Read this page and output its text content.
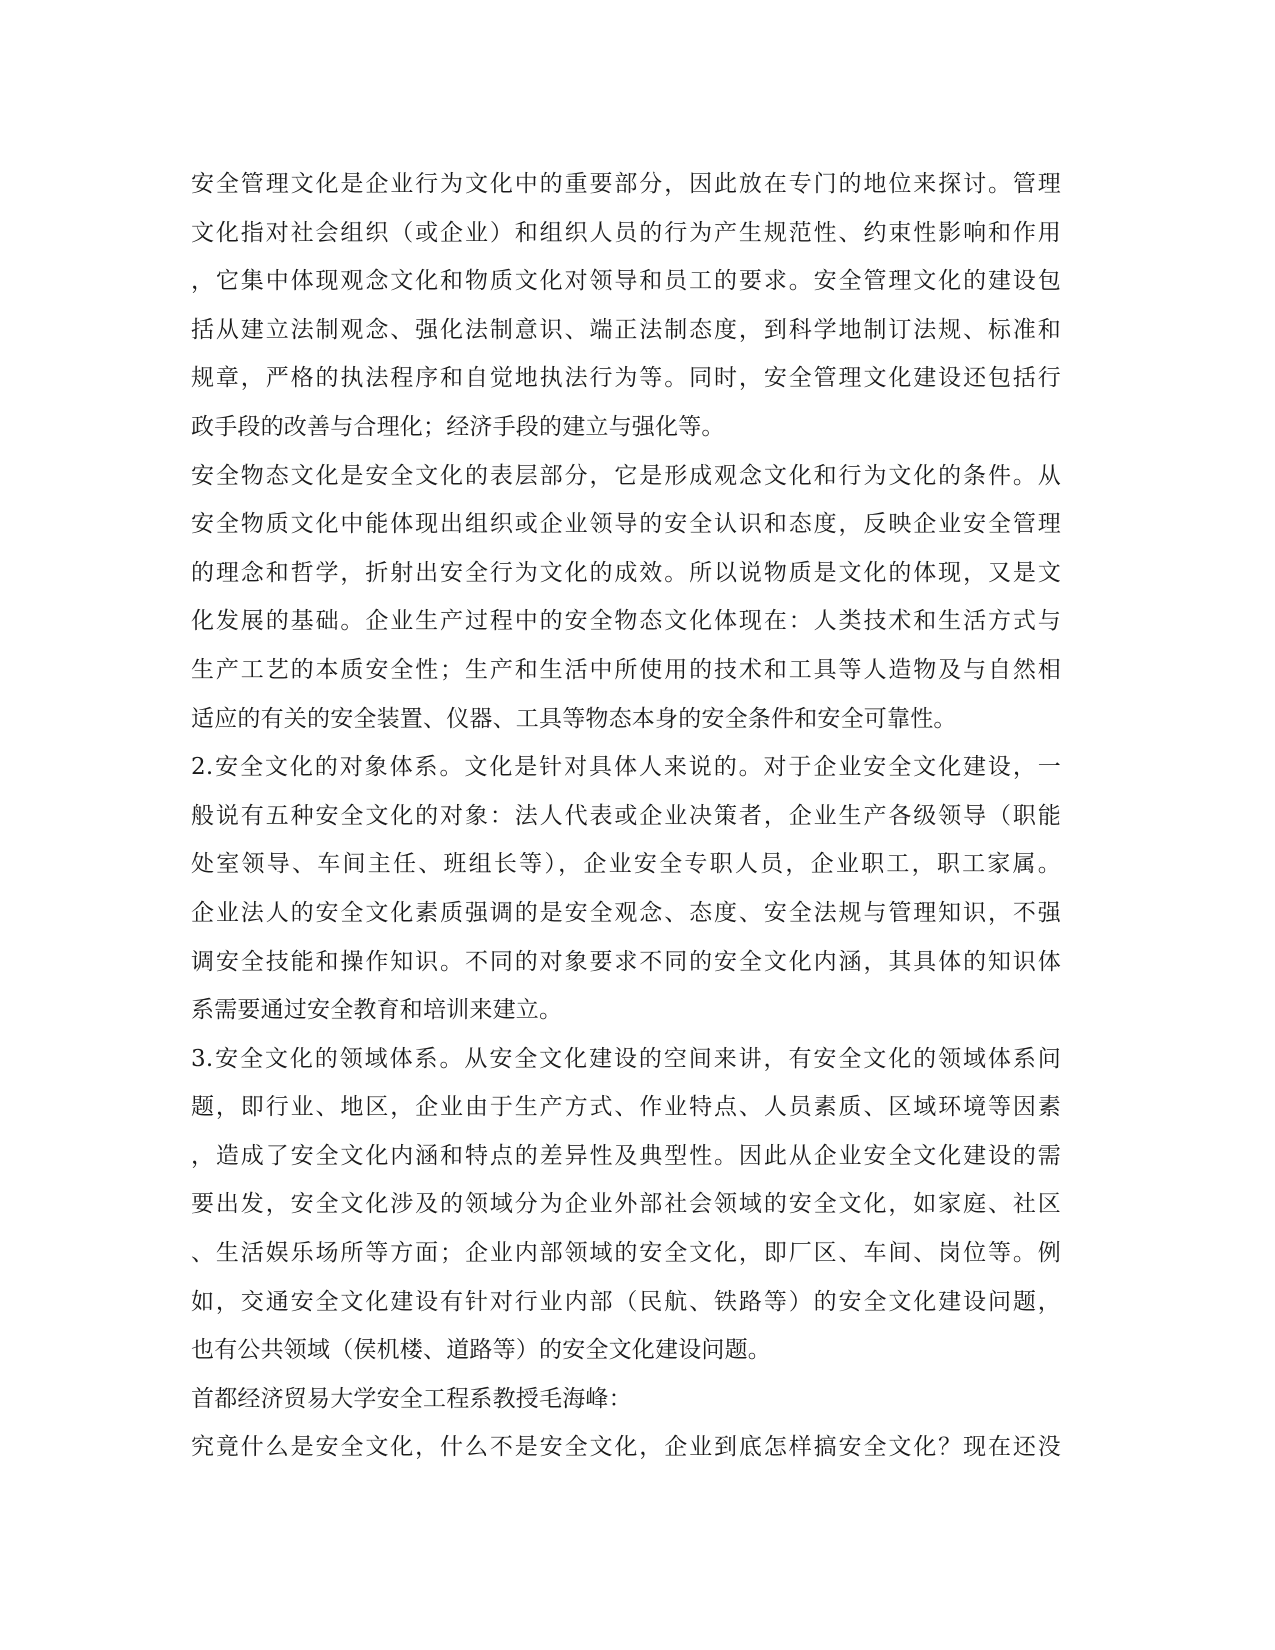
安全管理文化是企业行为文化中的重要部分，因此放在专门的地位来探讨。管理
文化指对社会组织（或企业）和组织人员的行为产生规范性、约束性影响和作用
，它集中体现观念文化和物质文化对领导和员工的要求。安全管理文化的建设包
括从建立法制观念、强化法制意识、端正法制态度，到科学地制订法规、标准和
规章，严格的执法程序和自觉地执法行为等。同时，安全管理文化建设还包括行
政手段的改善与合理化；经济手段的建立与强化等。
安全物态文化是安全文化的表层部分，它是形成观念文化和行为文化的条件。从
安全物质文化中能体现出组织或企业领导的安全认识和态度，反映企业安全管理
的理念和哲学，折射出安全行为文化的成效。所以说物质是文化的体现，又是文
化发展的基础。企业生产过程中的安全物态文化体现在：人类技术和生活方式与
生产工艺的本质安全性；生产和生活中所使用的技术和工具等人造物及与自然相
适应的有关的安全装置、仪器、工具等物态本身的安全条件和安全可靠性。
2.安全文化的对象体系。文化是针对具体人来说的。对于企业安全文化建设，一
般说有五种安全文化的对象：法人代表或企业决策者，企业生产各级领导（职能
处室领导、车间主任、班组长等），企业安全专职人员，企业职工，职工家属。
企业法人的安全文化素质强调的是安全观念、态度、安全法规与管理知识，不强
调安全技能和操作知识。不同的对象要求不同的安全文化内涵，其具体的知识体
系需要通过安全教育和培训来建立。
3.安全文化的领域体系。从安全文化建设的空间来讲，有安全文化的领域体系问
题，即行业、地区，企业由于生产方式、作业特点、人员素质、区域环境等因素
，造成了安全文化内涵和特点的差异性及典型性。因此从企业安全文化建设的需
要出发，安全文化涉及的领域分为企业外部社会领域的安全文化，如家庭、社区
、生活娱乐场所等方面；企业内部领域的安全文化，即厂区、车间、岗位等。例
如，交通安全文化建设有针对行业内部（民航、铁路等）的安全文化建设问题，
也有公共领域（侯机楼、道路等）的安全文化建设问题。
首都经济贸易大学安全工程系教授毛海峰：
究竟什么是安全文化，什么不是安全文化，企业到底怎样搞安全文化？现在还没
